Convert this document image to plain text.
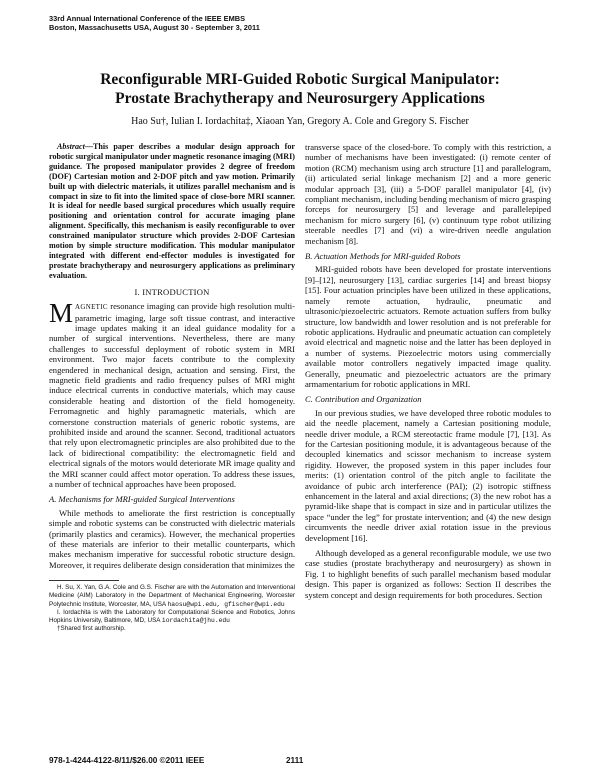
33rd Annual International Conference of the IEEE EMBS
Boston, Massachusetts USA, August 30 - September 3, 2011
Reconfigurable MRI-Guided Robotic Surgical Manipulator:
Prostate Brachytherapy and Neurosurgery Applications
Hao Su†, Iulian I. Iordachita‡, Xiaoan Yan, Gregory A. Cole and Gregory S. Fischer

Abstract—This paper describes a modular design approach for robotic surgical manipulator under magnetic resonance imaging (MRI) guidance. The proposed manipulator provides 2 degree of freedom (DOF) Cartesian motion and 2-DOF pitch and yaw motion. Primarily built up with dielectric materials, it utilizes parallel mechanism and is compact in size to fit into the limited space of close-bore MRI scanner. It is ideal for needle based surgical procedures which usually require positioning and orientation control for accurate imaging plane alignment. Specifically, this mechanism is easily reconfigurable to over constrained manipulator structure which provides 2-DOF Cartesian motion by simple structure modification. This modular manipulator integrated with different end-effector modules is investigated for prostate brachytherapy and neurosurgery applications as preliminary evaluation.

I. INTRODUCTION

MAGNETIC resonance imaging can provide high resolution multi-parametric imaging, large soft tissue contrast, and interactive image updates making it an ideal guidance modality for a number of surgical interventions. Nevertheless, there are many challenges to successful deployment of robotic system in MRI environment. Two major facets contribute to the complexity engendered in mechanical design, actuation and sensing. First, the magnetic field gradients and radio frequency pulses of MRI might induce electrical currents in conductive materials, which may cause considerable heating and distortion of the field homogeneity. Ferromagnetic and highly paramagnetic materials, which are cornerstone construction materials of generic robotic systems, are prohibited inside and around the scanner. Second, traditional actuators that rely upon electromagnetic principles are also prohibited due to the lack of bidirectional compatibility: the electromagnetic field and electrical signals of the motors would deteriorate MR image quality and the MRI scanner could affect motor operation. To address these issues, a number of technical approaches have been proposed.

A. Mechanisms for MRI-guided Surgical Interventions

While methods to ameliorate the first restriction is conceptually simple and robotic systems can be constructed with dielectric materials (primarily plastics and ceramics). However, the mechanical properties of these materials are inferior to their metallic counterparts, which makes mechanism imperative for successful robotic structure design. Moreover, it requires deliberate design consideration that minimizes the

H. Su, X. Yan, G.A. Cole and G.S. Fischer are with the Automation and Interventional Medicine (AIM) Laboratory in the Department of Mechanical Engineering, Worcester Polytechnic Institute, Worcester, MA, USA haosu@wpi.edu, gfischer@wpi.edu

I. Iordachita is with the Laboratory for Computational Science and Robotics, Johns Hopkins University, Baltimore, MD, USA iordachita@jhu.edu

†Shared first authorship.

transverse space of the closed-bore. To comply with this restriction, a number of mechanisms have been investigated: (i) remote center of motion (RCM) mechanism using arch structure [1] and parallelogram, (ii) articulated serial linkage mechanism [2] and a more generic modular approach [3], (iii) a 5-DOF parallel manipulator [4], (iv) compliant mechanism, including bending mechanism of micro grasping forceps for neurosurgery [5] and leverage and parallelepiped mechanism for micro surgery [6], (v) continuum type robot utilizing steerable needles [7] and (vi) a wire-driven needle angulation mechanism [8].

B. Actuation Methods for MRI-guided Robots

MRI-guided robots have been developed for prostate interventions [9]–[12], neurosurgery [13], cardiac surgeries [14] and breast biopsy [15]. Four actuation principles have been utilized in these applications, namely remote actuation, hydraulic, pneumatic and ultrasonic/piezoelectric actuators. Remote actuation suffers from bulky structure, low bandwidth and lower resolution and is not preferable for robotic applications. Hydraulic and pneumatic actuation can completely avoid electrical and magnetic noise and the latter has been deployed in a number of systems. Piezoelectric motors using commercially available motor controllers negatively impacted image quality. Generally, pneumatic and piezoelectric actuators are the primary armamentarium for robotic applications in MRI.

C. Contribution and Organization

In our previous studies, we have developed three robotic modules to aid the needle placement, namely a Cartesian positioning module, needle driver module, a RCM stereotactic frame module [7], [13]. As for the Cartesian positioning module, it is advantageous because of the decoupled kinematics and scissor mechanism to increase system rigidity. However, the proposed system in this paper includes four merits: (1) orientation control of the pitch angle to facilitate the avoidance of pubic arch interference (PAI); (2) isotropic stiffness enhancement in the lateral and axial directions; (3) the new robot has a pyramid-like shape that is compact in size and in particular utilizes the space “under the leg” for prostate intervention; and (4) the new design circumvents the needle driver axial rotation issue in the previous development [16].

Although developed as a general reconfigurable module, we use two case studies (prostate brachytherapy and neurosurgery) as shown in Fig. 1 to highlight benefits of such parallel mechanism based modular design. This paper is organized as follows: Section II describes the system concept and design requirements for both procedures. Section

978-1-4244-4122-8/11/$26.00 ©2011 IEEE	2111
